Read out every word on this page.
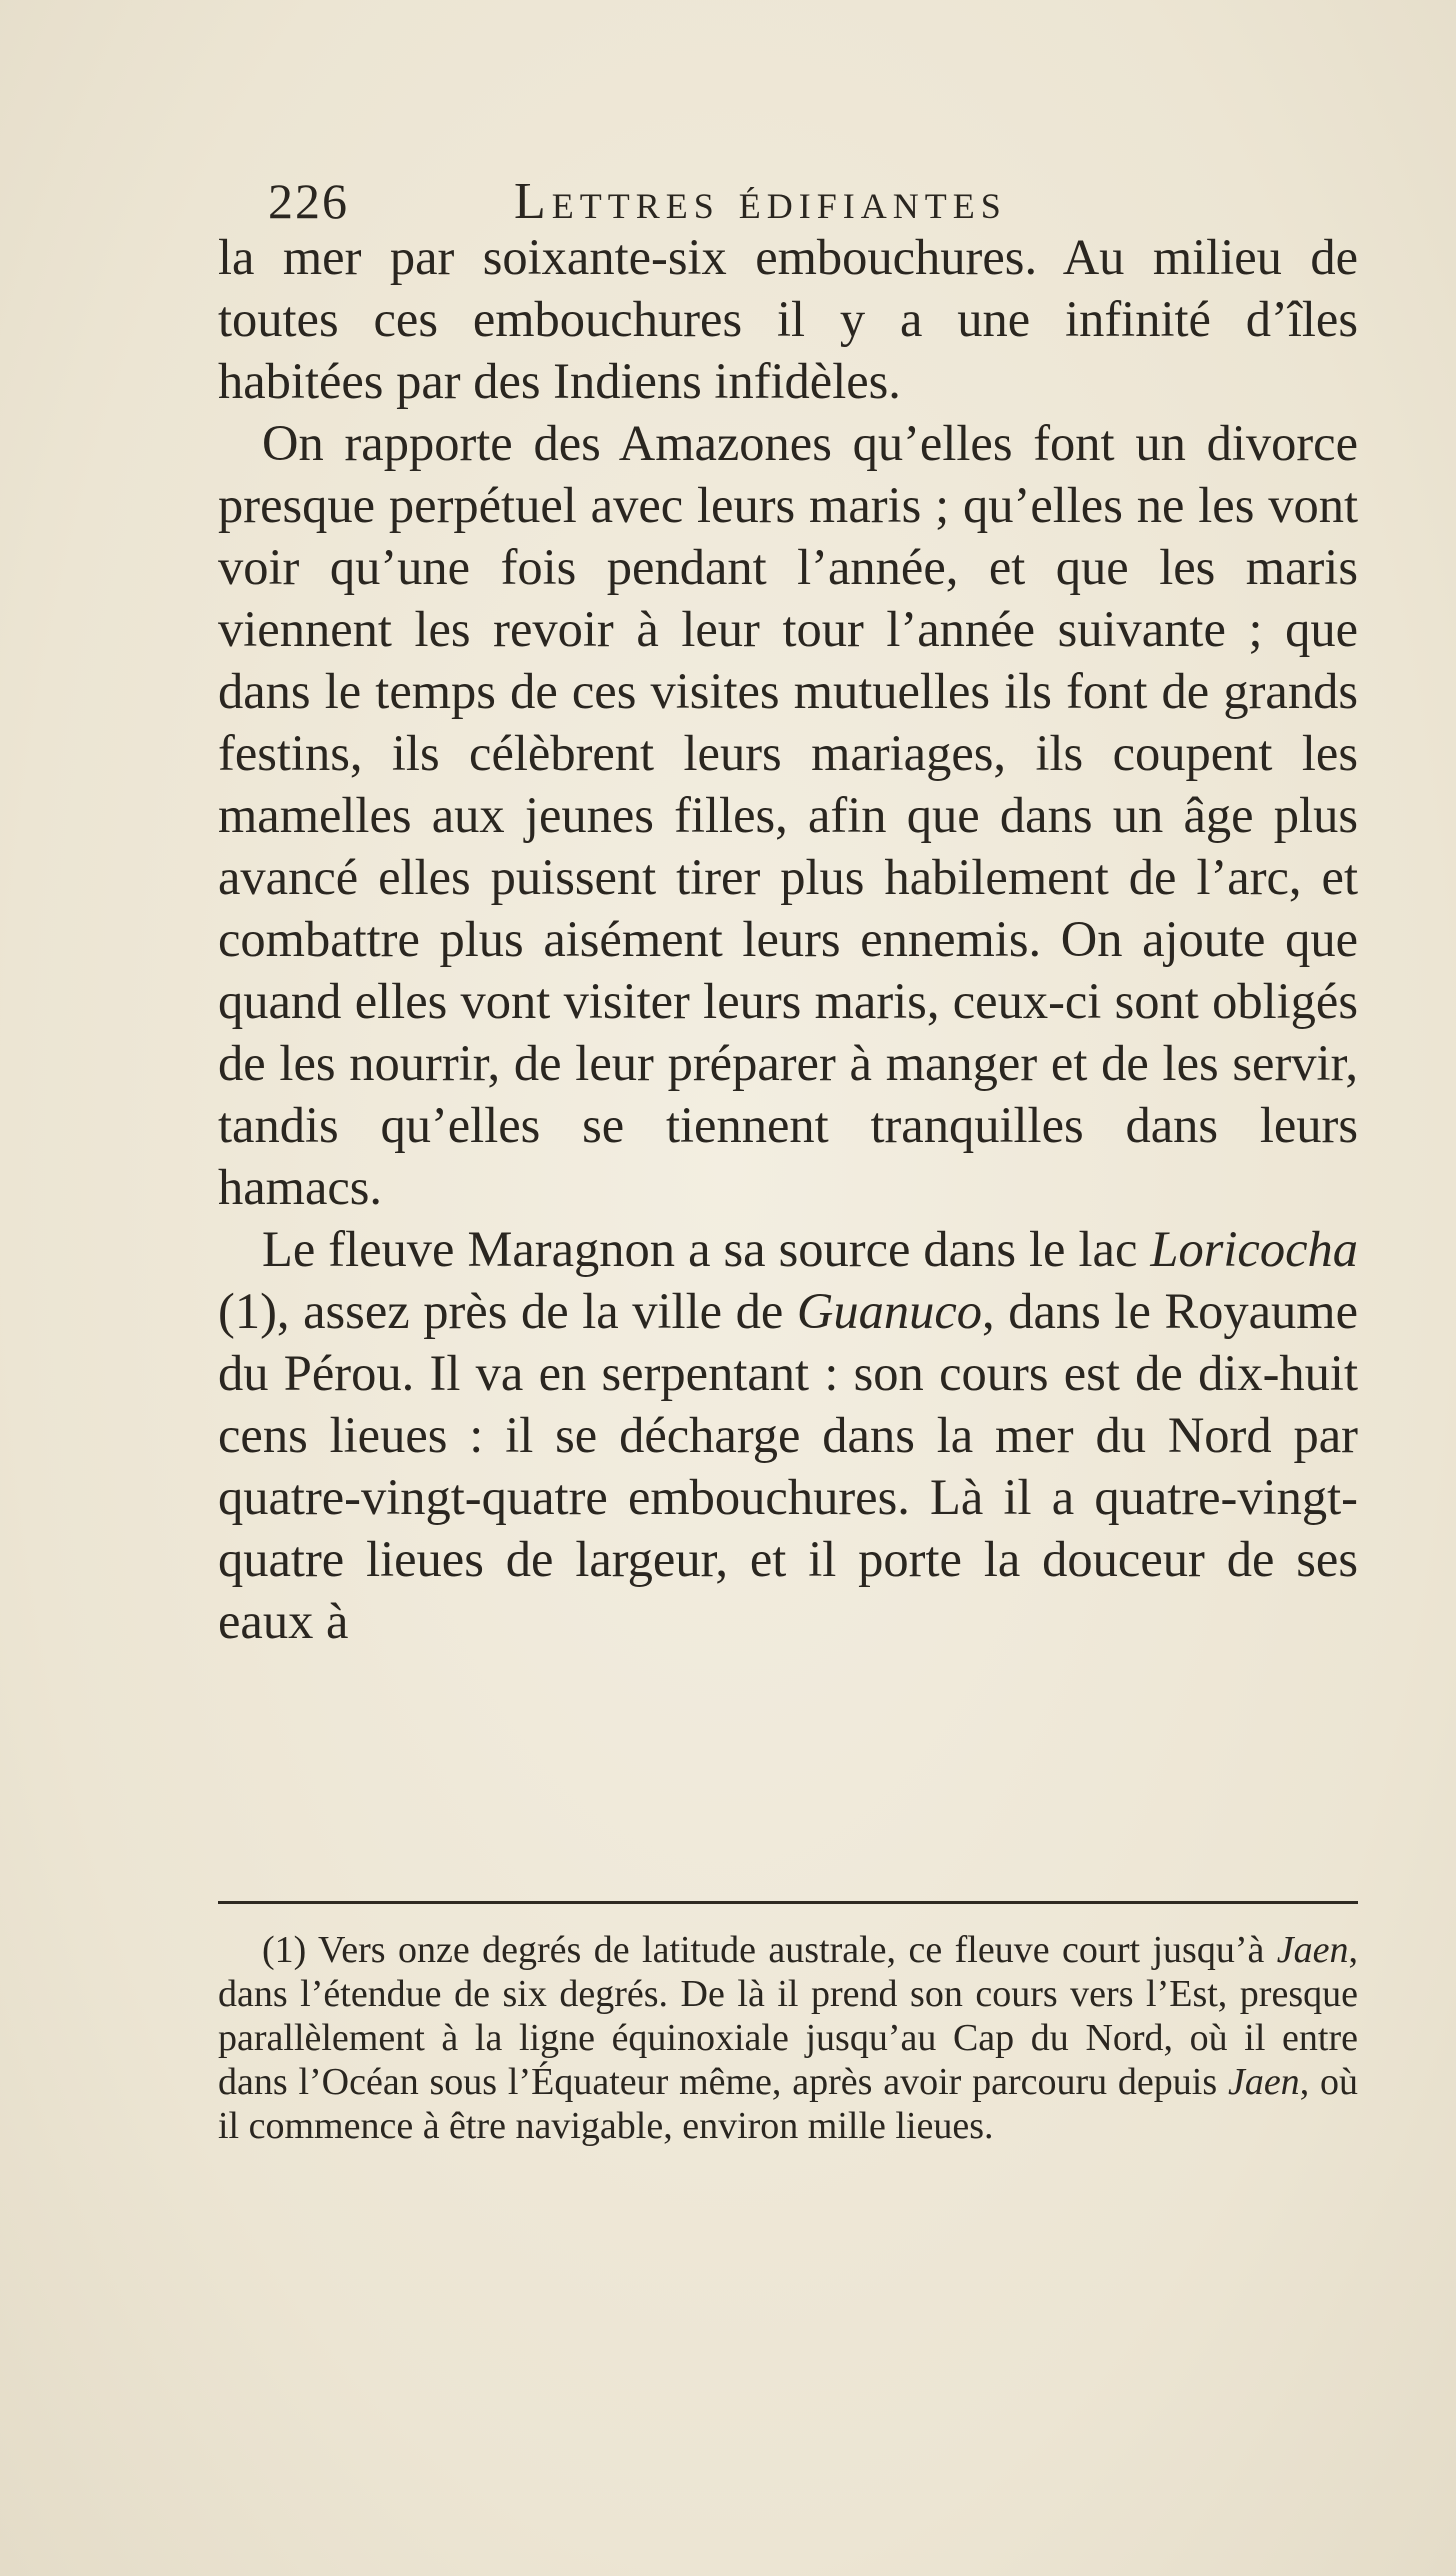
226	Lettres édifiantes

la mer par soixante-six embouchures. Au milieu de toutes ces embouchures il y a une infinité d’îles habitées par des Indiens infidèles.

On rapporte des Amazones qu’elles font un divorce presque perpétuel avec leurs maris ; qu’elles ne les vont voir qu’une fois pendant l’année, et que les maris viennent les revoir à leur tour l’année suivante ; que dans le temps de ces visites mutuelles ils font de grands festins, ils célèbrent leurs mariages, ils coupent les mamelles aux jeunes filles, afin que dans un âge plus avancé elles puissent tirer plus habilement de l’arc, et combattre plus aisément leurs ennemis. On ajoute que quand elles vont visiter leurs maris, ceux-ci sont obligés de les nourrir, de leur préparer à manger et de les servir, tandis qu’elles se tiennent tranquilles dans leurs hamacs.

Le fleuve Maragnon a sa source dans le lac Loricocha (1), assez près de la ville de Guanuco, dans le Royaume du Pérou. Il va en serpentant : son cours est de dix-huit cens lieues : il se décharge dans la mer du Nord par quatre-vingt-quatre embouchures. Là il a quatre-vingt-quatre lieues de largeur, et il porte la douceur de ses eaux à

(1) Vers onze degrés de latitude australe, ce fleuve court jusqu’à Jaen, dans l’étendue de six degrés. De là il prend son cours vers l’Est, presque parallèlement à la ligne équinoxiale jusqu’au Cap du Nord, où il entre dans l’Océan sous l’Équateur même, après avoir parcouru depuis Jaen, où il commence à être navigable, environ mille lieues.
